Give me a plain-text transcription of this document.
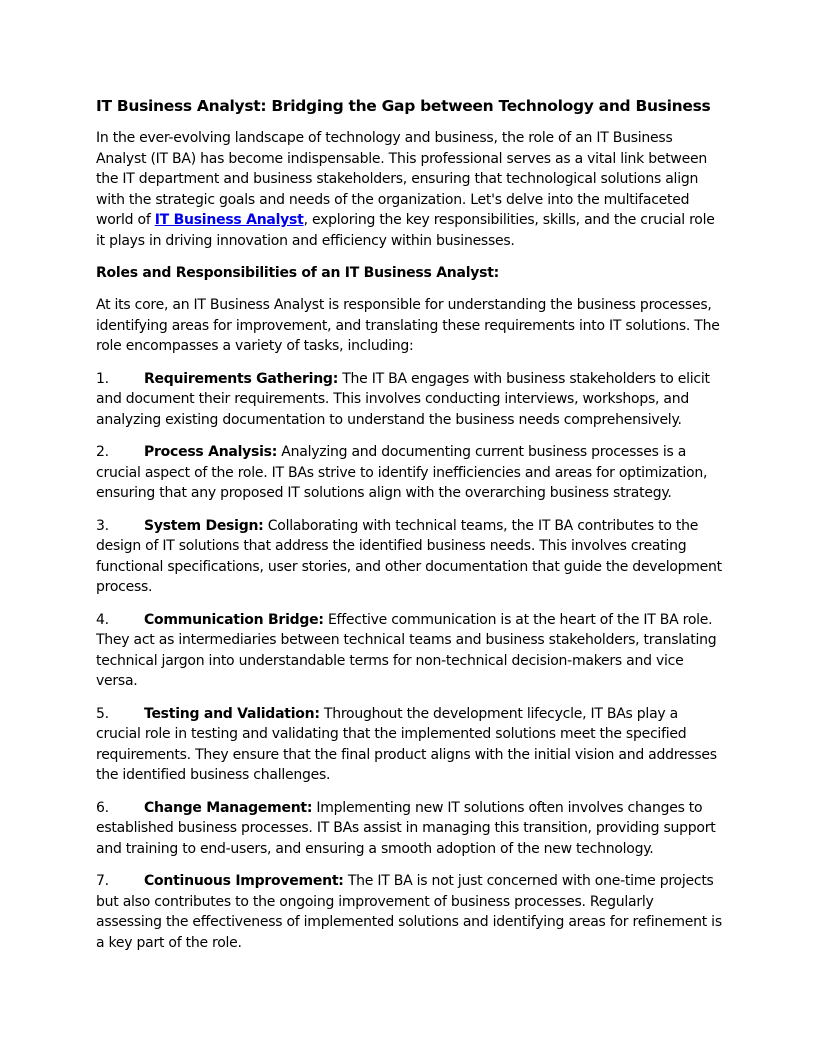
IT Business Analyst: Bridging the Gap between Technology and Business

In the ever-evolving landscape of technology and business, the role of an IT Business Analyst (IT BA) has become indispensable. This professional serves as a vital link between the IT department and business stakeholders, ensuring that technological solutions align with the strategic goals and needs of the organization. Let's delve into the multifaceted world of IT Business Analyst, exploring the key responsibilities, skills, and the crucial role it plays in driving innovation and efficiency within businesses.

Roles and Responsibilities of an IT Business Analyst:

At its core, an IT Business Analyst is responsible for understanding the business processes, identifying areas for improvement, and translating these requirements into IT solutions. The role encompasses a variety of tasks, including:

1.	Requirements Gathering: The IT BA engages with business stakeholders to elicit and document their requirements. This involves conducting interviews, workshops, and analyzing existing documentation to understand the business needs comprehensively.
2.	Process Analysis: Analyzing and documenting current business processes is a crucial aspect of the role. IT BAs strive to identify inefficiencies and areas for optimization, ensuring that any proposed IT solutions align with the overarching business strategy.
3.	System Design: Collaborating with technical teams, the IT BA contributes to the design of IT solutions that address the identified business needs. This involves creating functional specifications, user stories, and other documentation that guide the development process.
4.	Communication Bridge: Effective communication is at the heart of the IT BA role. They act as intermediaries between technical teams and business stakeholders, translating technical jargon into understandable terms for non-technical decision-makers and vice versa.
5.	Testing and Validation: Throughout the development lifecycle, IT BAs play a crucial role in testing and validating that the implemented solutions meet the specified requirements. They ensure that the final product aligns with the initial vision and addresses the identified business challenges.
6.	Change Management: Implementing new IT solutions often involves changes to established business processes. IT BAs assist in managing this transition, providing support and training to end-users, and ensuring a smooth adoption of the new technology.
7.	Continuous Improvement: The IT BA is not just concerned with one-time projects but also contributes to the ongoing improvement of business processes. Regularly assessing the effectiveness of implemented solutions and identifying areas for refinement is a key part of the role.
